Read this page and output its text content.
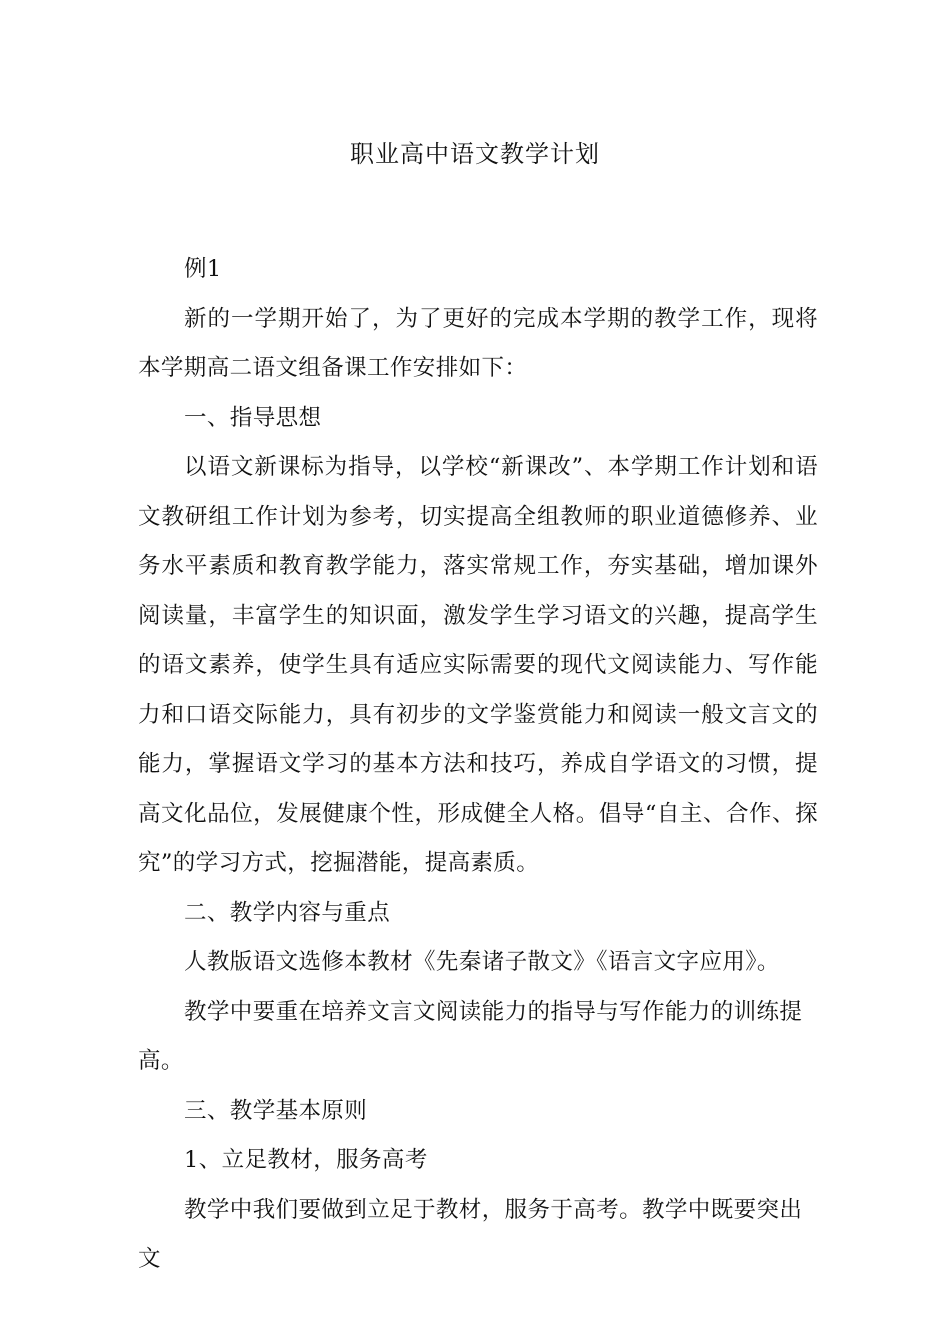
职业高中语文教学计划

例1

新的一学期开始了，为了更好的完成本学期的教学工作，现将本学期高二语文组备课工作安排如下：

一、指导思想

以语文新课标为指导，以学校“新课改”、本学期工作计划和语文教研组工作计划为参考，切实提高全组教师的职业道德修养、业务水平素质和教育教学能力，落实常规工作，夯实基础，增加课外阅读量，丰富学生的知识面，激发学生学习语文的兴趣，提高学生的语文素养，使学生具有适应实际需要的现代文阅读能力、写作能力和口语交际能力，具有初步的文学鉴赏能力和阅读一般文言文的能力，掌握语文学习的基本方法和技巧，养成自学语文的习惯，提高文化品位，发展健康个性，形成健全人格。倡导“自主、合作、探究”的学习方式，挖掘潜能，提高素质。

二、教学内容与重点

人教版语文选修本教材《先秦诸子散文》《语言文字应用》。

教学中要重在培养文言文阅读能力的指导与写作能力的训练提高。

三、教学基本原则

1、立足教材，服务高考

教学中我们要做到立足于教材，服务于高考。教学中既要突出文
